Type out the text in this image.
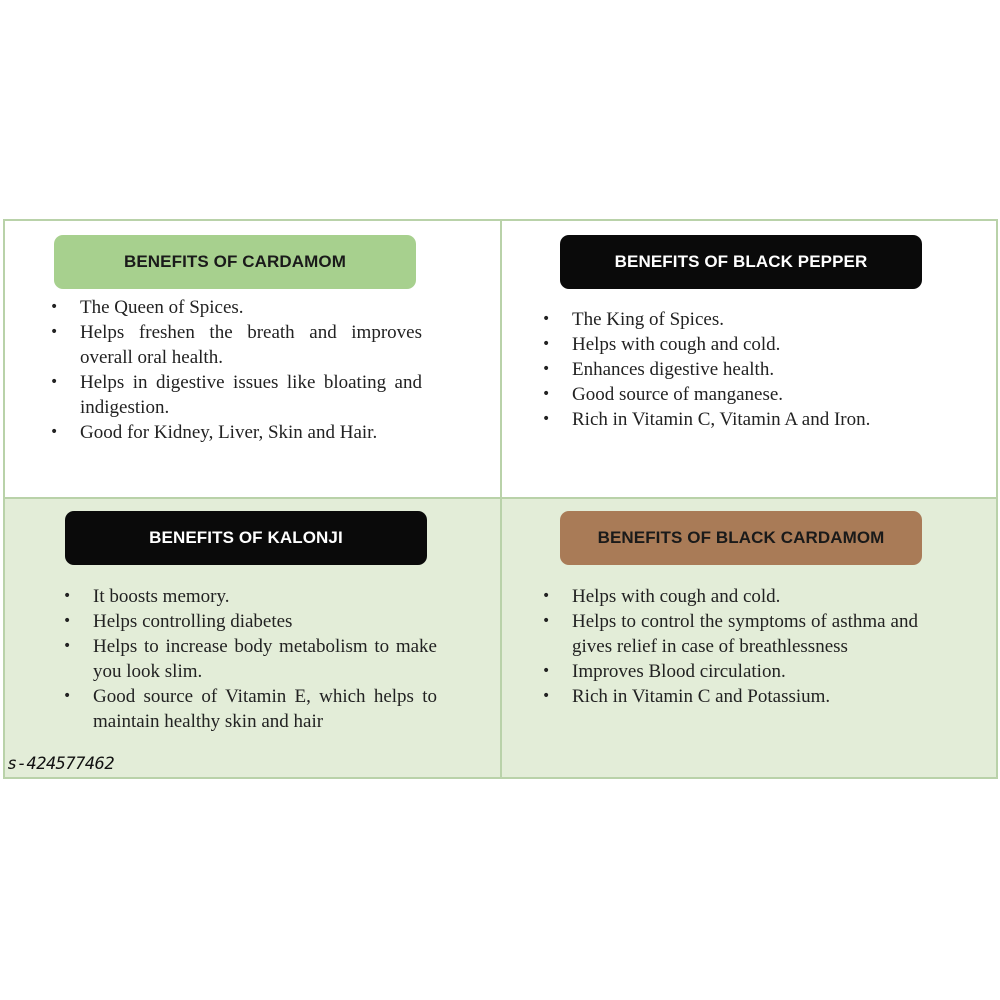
BENEFITS OF CARDAMOM
• The Queen of Spices.
• Helps freshen the breath and improves overall oral health.
• Helps in digestive issues like bloating and indigestion.
• Good for Kidney, Liver, Skin and Hair.
BENEFITS OF BLACK PEPPER
• The King of Spices.
• Helps with cough and cold.
• Enhances digestive health.
• Good source of manganese.
• Rich in Vitamin C, Vitamin A and Iron.
BENEFITS OF KALONJI
• It boosts memory.
• Helps controlling diabetes
• Helps to increase body metabolism to make you look slim.
• Good source of Vitamin E, which helps to maintain healthy skin and hair
BENEFITS OF BLACK CARDAMOM
• Helps with cough and cold.
• Helps to control the symptoms of asthma and gives relief in case of breathlessness
• Improves Blood circulation.
• Rich in Vitamin C and Potassium.
s-424577462
